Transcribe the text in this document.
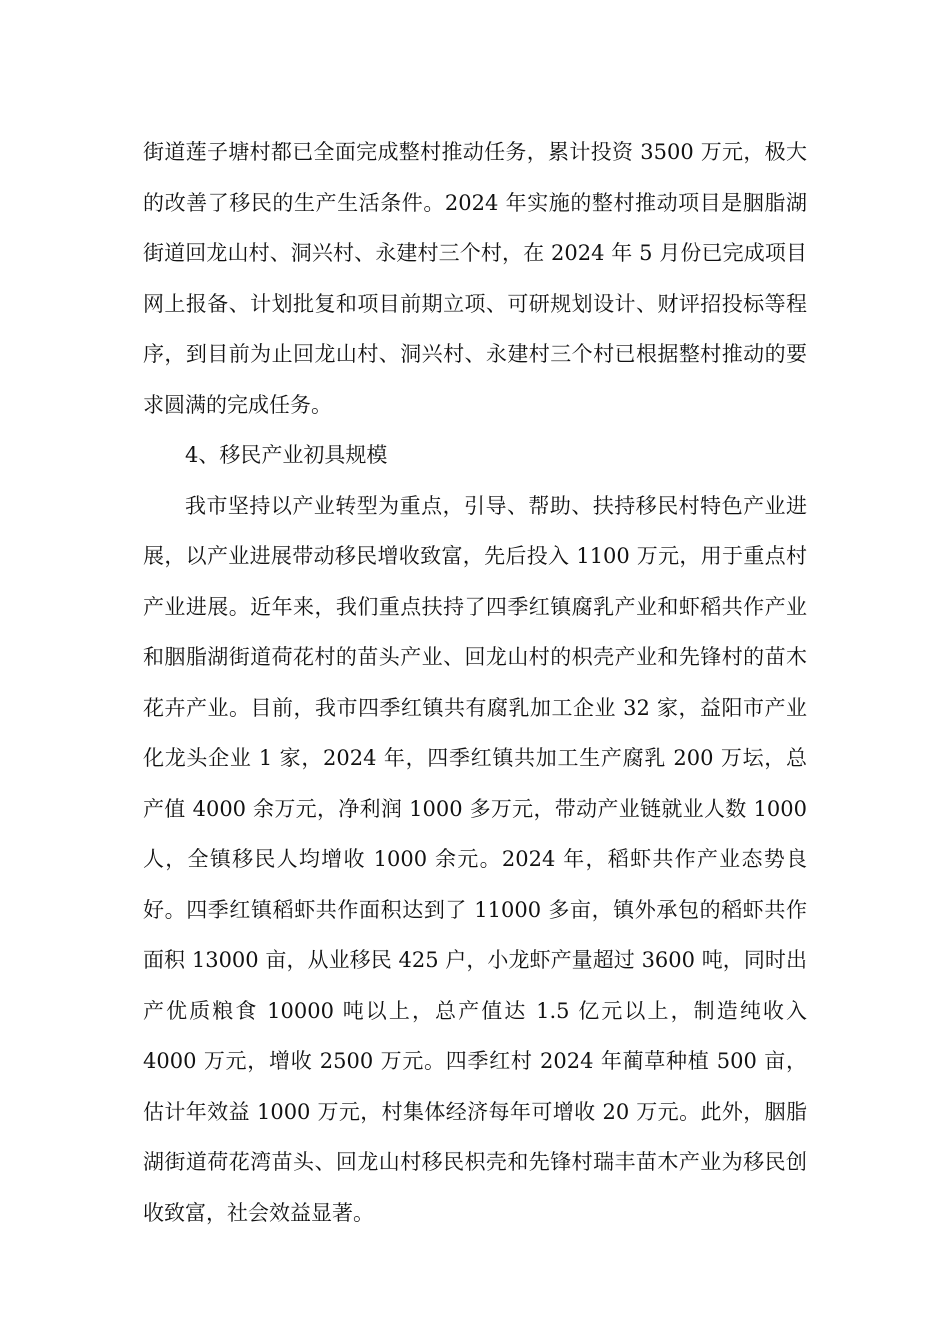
街道莲子塘村都已全面完成整村推动任务，累计投资 3500 万元，极大的改善了移民的生产生活条件。2024 年实施的整村推动项目是胭脂湖街道回龙山村、洞兴村、永建村三个村，在 2024 年 5 月份已完成项目网上报备、计划批复和项目前期立项、可研规划设计、财评招投标等程序，到目前为止回龙山村、洞兴村、永建村三个村已根据整村推动的要求圆满的完成任务。

4、移民产业初具规模

我市坚持以产业转型为重点，引导、帮助、扶持移民村特色产业进展，以产业进展带动移民增收致富，先后投入 1100 万元，用于重点村产业进展。近年来，我们重点扶持了四季红镇腐乳产业和虾稻共作产业和胭脂湖街道荷花村的苗头产业、回龙山村的枳壳产业和先锋村的苗木花卉产业。目前，我市四季红镇共有腐乳加工企业 32 家，益阳市产业化龙头企业 1 家，2024 年，四季红镇共加工生产腐乳 200 万坛，总产值 4000 余万元，净利润 1000 多万元，带动产业链就业人数 1000 人，全镇移民人均增收 1000 余元。2024 年，稻虾共作产业态势良好。四季红镇稻虾共作面积达到了 11000 多亩，镇外承包的稻虾共作面积 13000 亩，从业移民 425 户，小龙虾产量超过 3600 吨，同时出产优质粮食 10000 吨以上，总产值达 1.5 亿元以上，制造纯收入 4000 万元，增收 2500 万元。四季红村 2024 年蔺草种植 500 亩，估计年效益 1000 万元，村集体经济每年可增收 20 万元。此外，胭脂湖街道荷花湾苗头、回龙山村移民枳壳和先锋村瑞丰苗木产业为移民创收致富，社会效益显著。
